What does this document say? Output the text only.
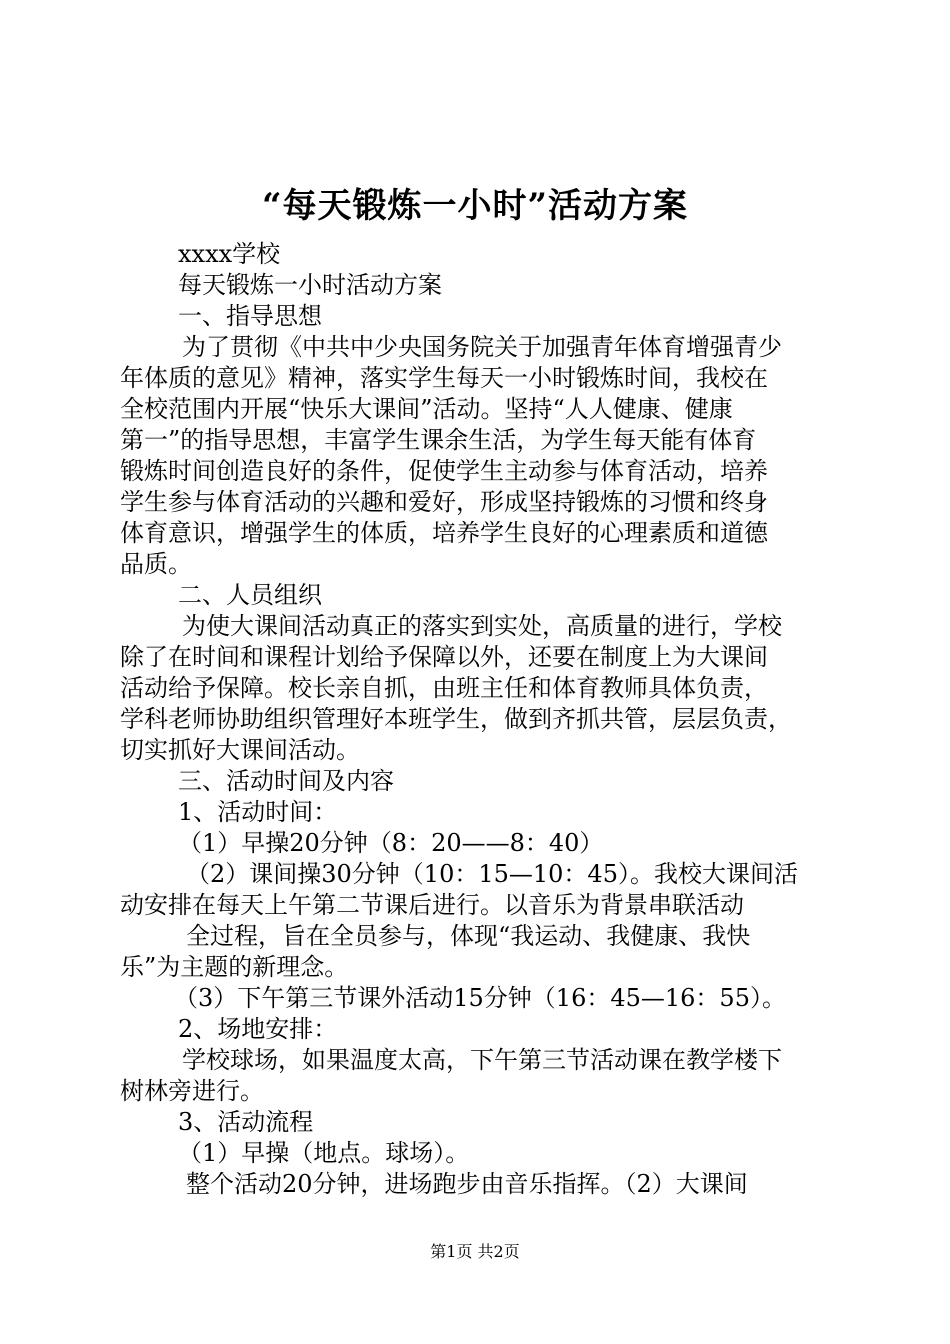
“每天锻炼一小时”活动方案
xxxx学校
每天锻炼一小时活动方案
一、指导思想
为了贯彻《中共中少央国务院关于加强青年体育增强青少
年体质的意见》精神，落实学生每天一小时锻炼时间，我校在
全校范围内开展“快乐大课间”活动。坚持“人人健康、健康
第一”的指导思想，丰富学生课余生活，为学生每天能有体育
锻炼时间创造良好的条件，促使学生主动参与体育活动，培养
学生参与体育活动的兴趣和爱好，形成坚持锻炼的习惯和终身
体育意识，增强学生的体质，培养学生良好的心理素质和道德
品质。
二、人员组织
为使大课间活动真正的落实到实处，高质量的进行，学校
除了在时间和课程计划给予保障以外，还要在制度上为大课间
活动给予保障。校长亲自抓，由班主任和体育教师具体负责，
学科老师协助组织管理好本班学生，做到齐抓共管，层层负责，
切实抓好大课间活动。
三、活动时间及内容
1、活动时间：
（1）早操20分钟（8：20——8：40）
（2）课间操30分钟（10：15—10：45）。我校大课间活
动安排在每天上午第二节课后进行。以音乐为背景串联活动
全过程，旨在全员参与，体现“我运动、我健康、我快
乐”为主题的新理念。
（3）下午第三节课外活动15分钟（16：45—16：55）。
2、场地安排：
学校球场，如果温度太高，下午第三节活动课在教学楼下
树林旁进行。
3、活动流程
（1）早操（地点。球场）。
整个活动20分钟，进场跑步由音乐指挥。（2）大课间
第1页 共2页
